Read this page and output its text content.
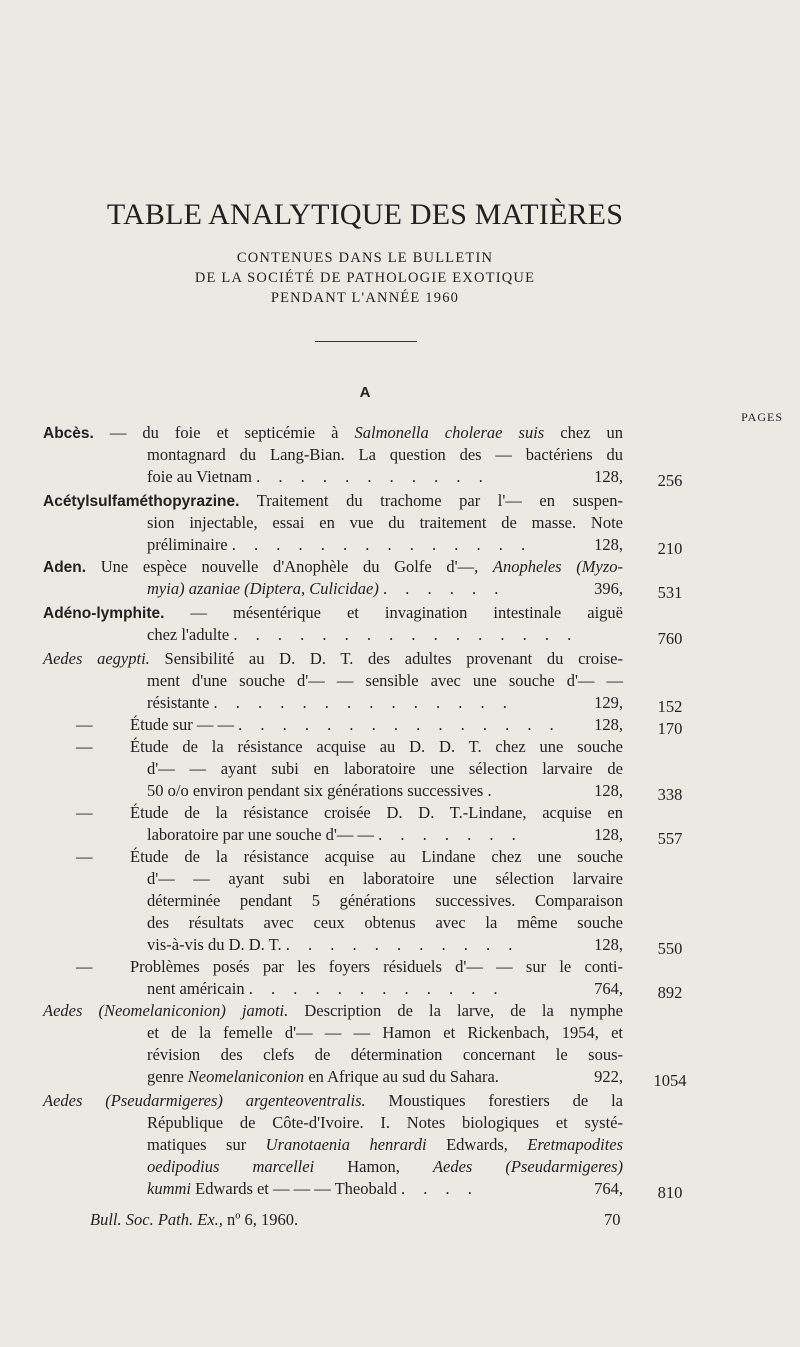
TABLE ANALYTIQUE DES MATIÈRES
CONTENUES DANS LE BULLETIN
DE LA SOCIÉTÉ DE PATHOLOGIE EXOTIQUE
PENDANT L'ANNÉE 1960
A
PAGES
Abcès. — du foie et septicémie à Salmonella cholerae suis chez un
montagnard du Lang-Bian. La question des — bactériens du
foie au Vietnam . . . . . . . . . . .	128,	256
Acétylsulfaméthopyrazine. Traitement du trachome par l'— en suspen-
sion injectable, essai en vue du traitement de masse. Note
préliminaire . . . . . . . . . . . . . .	128,	210
Aden. Une espèce nouvelle d'Anophèle du Golfe d'—, Anopheles (Myzo-
myia) azaniae (Diptera, Culicidae) . . . . . .	396,	531
Adéno-lymphite. — mésentérique et invagination intestinale aiguë
chez l'adulte . . . . . . . . . . . . . . . .	760
Aedes aegypti. Sensibilité au D. D. T. des adultes provenant du croise-
ment d'une souche d'— — sensible avec une souche d'— —
résistante . . . . . . . . . . . . . .	129,	152
— Étude sur — — . . . . . . . . . . . . . . . 128,	170
— Étude de la résistance acquise au D. D. T. chez une souche
d'— — ayant subi en laboratoire une sélection larvaire de
50 o/o environ pendant six générations successives .	128,	338
— Étude de la résistance croisée D. D. T.-Lindane, acquise en
laboratoire par une souche d'— — . . . . . . .	128,	557
— Étude de la résistance acquise au Lindane chez une souche
d'— — ayant subi en laboratoire une sélection larvaire
déterminée pendant 5 générations successives. Comparaison
des résultats avec ceux obtenus avec la même souche
vis-à-vis du D. D. T. . . . . . . . . . . .	128,	550
— Problèmes posés par les foyers résiduels d'— — sur le conti-
nent américain . . . . . . . . . . . .	764,	892
Aedes (Neomelaniconion) jamoti. Description de la larve, de la nymphe
et de la femelle d'— — — Hamon et Rickenbach, 1954, et
révision des clefs de détermination concernant le sous-
genre Neomelaniconion en Afrique au sud du Sahara.	922,	1054
Aedes (Pseudarmigeres) argenteoventralis. Moustiques forestiers de la
République de Côte-d'Ivoire. I. Notes biologiques et systé-
matiques sur Uranotaenia henrardi Edwards, Eretmapodites
oedipodius marcellei Hamon, Aedes (Pseudarmigeres)
kummi Edwards et — — — Theobald . . . .	764,	810
Bull. Soc. Path. Ex., nº 6, 1960.	70
